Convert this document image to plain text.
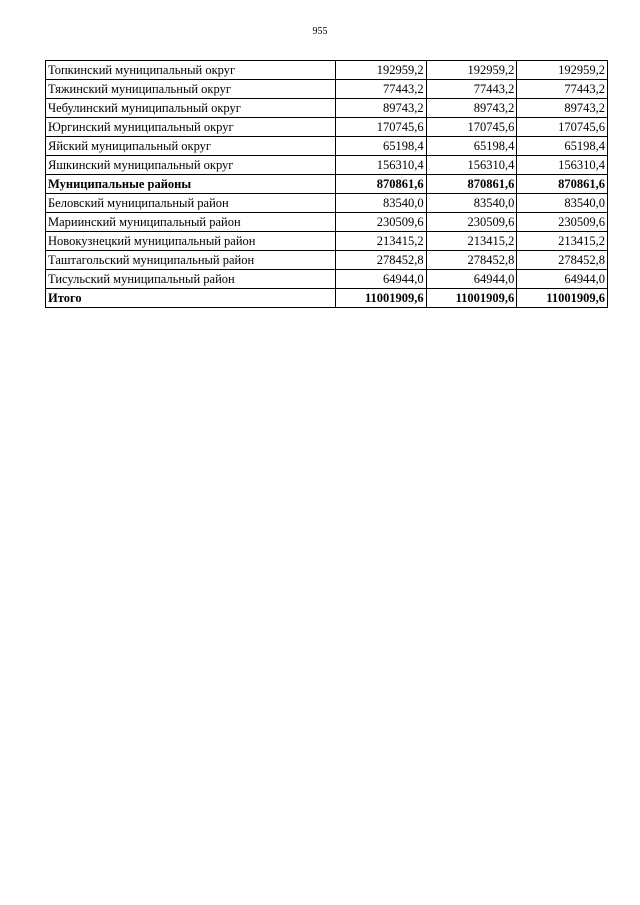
955
Топкинский муниципальный округ	192959,2	192959,2	192959,2
Тяжинский муниципальный округ	77443,2	77443,2	77443,2
Чебулинский муниципальный округ	89743,2	89743,2	89743,2
Юргинский муниципальный округ	170745,6	170745,6	170745,6
Яйский муниципальный округ	65198,4	65198,4	65198,4
Яшкинский муниципальный округ	156310,4	156310,4	156310,4
Муниципальные районы	870861,6	870861,6	870861,6
Беловский муниципальный район	83540,0	83540,0	83540,0
Мариинский муниципальный район	230509,6	230509,6	230509,6
Новокузнецкий муниципальный район	213415,2	213415,2	213415,2
Таштагольский муниципальный район	278452,8	278452,8	278452,8
Тисульский муниципальный район	64944,0	64944,0	64944,0
Итого	11001909,6	11001909,6	11001909,6
